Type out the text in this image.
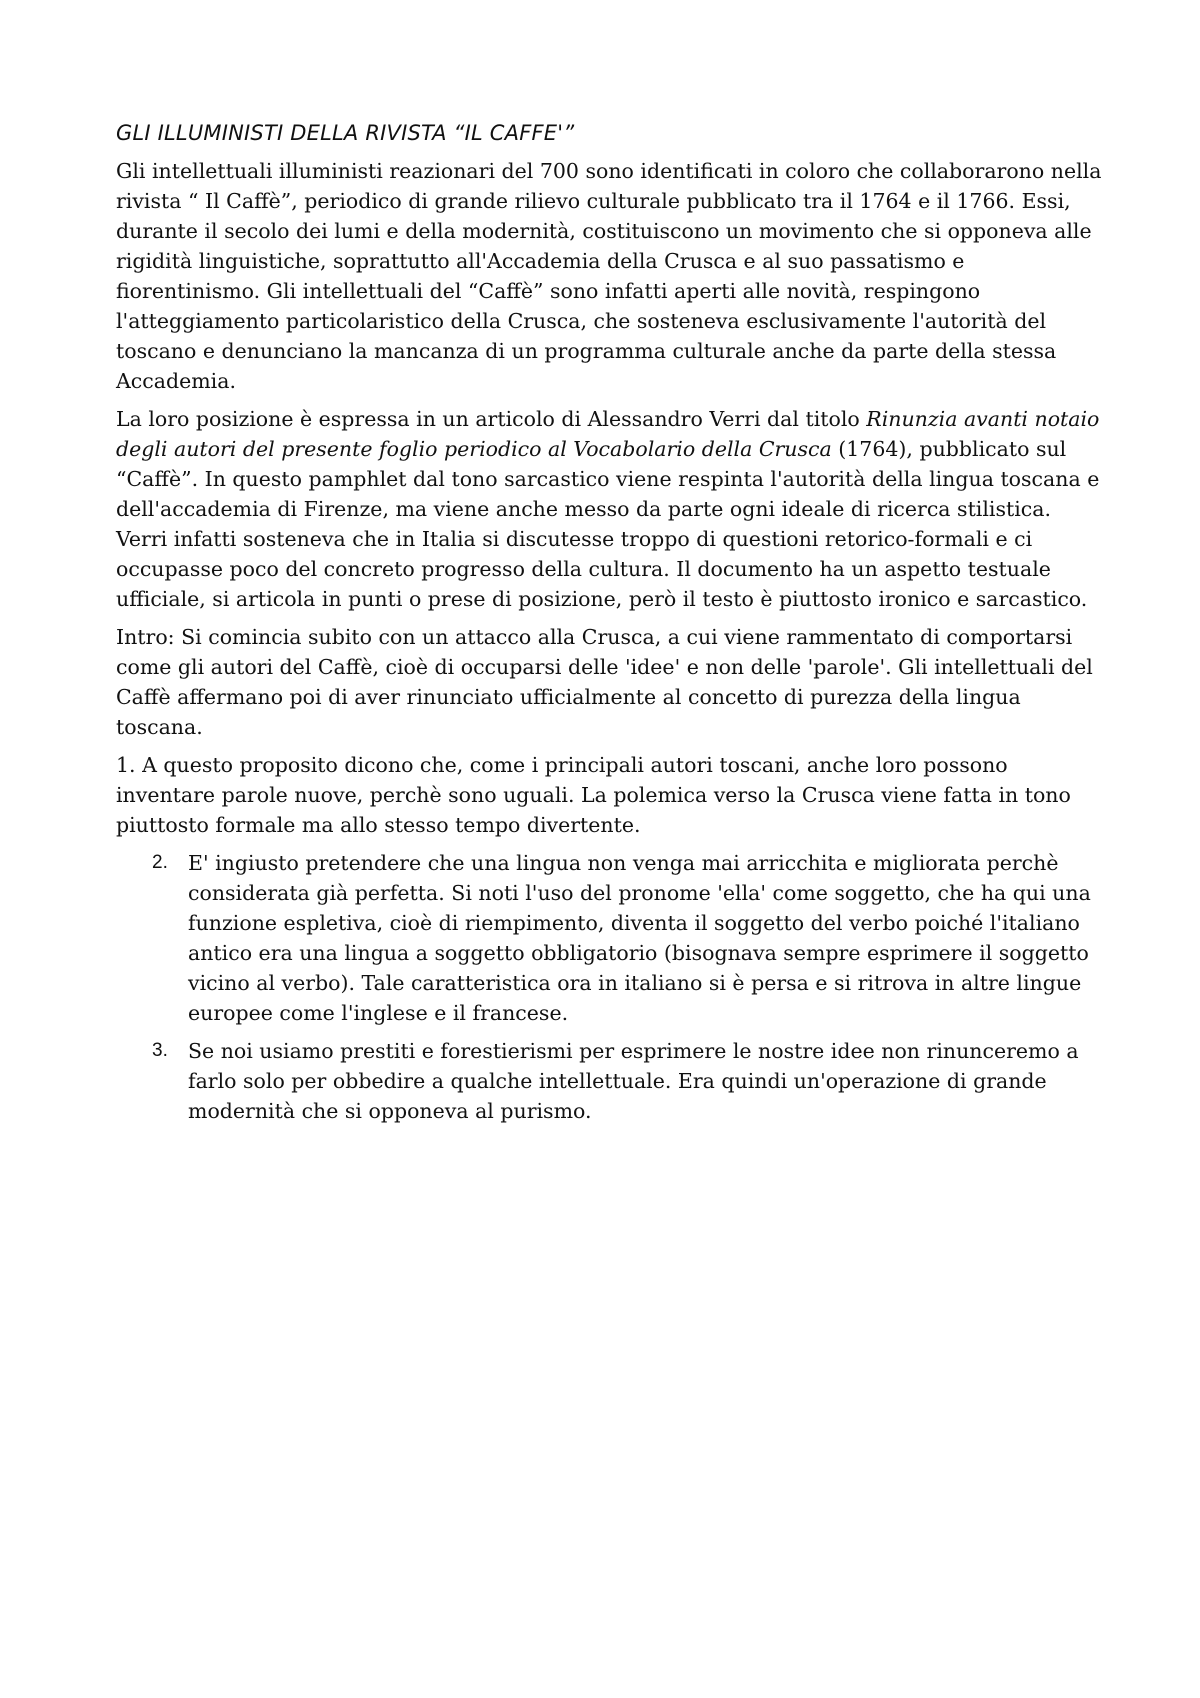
GLI ILLUMINISTI DELLA RIVISTA “IL CAFFE'”

Gli intellettuali illuministi reazionari del 700 sono identificati in coloro che collaborarono nella rivista “ Il Caffè”, periodico di grande rilievo culturale pubblicato tra il 1764 e il 1766. Essi, durante il secolo dei lumi e della modernità, costituiscono un movimento che si opponeva alle rigidità linguistiche, soprattutto all'Accademia della Crusca e al suo passatismo e fiorentinismo. Gli intellettuali del “Caffè” sono infatti aperti alle novità, respingono l'atteggiamento particolaristico della Crusca, che sosteneva esclusivamente l'autorità del toscano e denunciano la mancanza di un programma culturale anche da parte della stessa Accademia.

La loro posizione è espressa in un articolo di Alessandro Verri dal titolo Rinunzia avanti notaio degli autori del presente foglio periodico al Vocabolario della Crusca (1764), pubblicato sul “Caffè”. In questo pamphlet dal tono sarcastico viene respinta l'autorità della lingua toscana e dell'accademia di Firenze, ma viene anche messo da parte ogni ideale di ricerca stilistica. Verri infatti sosteneva che in Italia si discutesse troppo di questioni retorico-formali e ci occupasse poco del concreto progresso della cultura. Il documento ha un aspetto testuale ufficiale, si articola in punti o prese di posizione, però il testo è piuttosto ironico e sarcastico.

Intro: Si comincia subito con un attacco alla Crusca, a cui viene rammentato di comportarsi come gli autori del Caffè, cioè di occuparsi delle 'idee' e non delle 'parole'. Gli intellettuali del Caffè affermano poi di aver rinunciato ufficialmente al concetto di purezza della lingua toscana.

1. A questo proposito dicono che, come i principali autori toscani, anche loro possono inventare parole nuove, perchè sono uguali. La polemica verso la Crusca viene fatta in tono piuttosto formale ma allo stesso tempo divertente.

2. E' ingiusto pretendere che una lingua non venga mai arricchita e migliorata perchè considerata già perfetta. Si noti l'uso del pronome 'ella' come soggetto, che ha qui una funzione espletiva, cioè di riempimento, diventa il soggetto del verbo poiché l'italiano antico era una lingua a soggetto obbligatorio (bisognava sempre esprimere il soggetto vicino al verbo). Tale caratteristica ora in italiano si è persa e si ritrova in altre lingue europee come l'inglese e il francese.
3. Se noi usiamo prestiti e forestierismi per esprimere le nostre idee non rinunceremo a farlo solo per obbedire a qualche intellettuale. Era quindi un'operazione di grande modernità che si opponeva al purismo.
